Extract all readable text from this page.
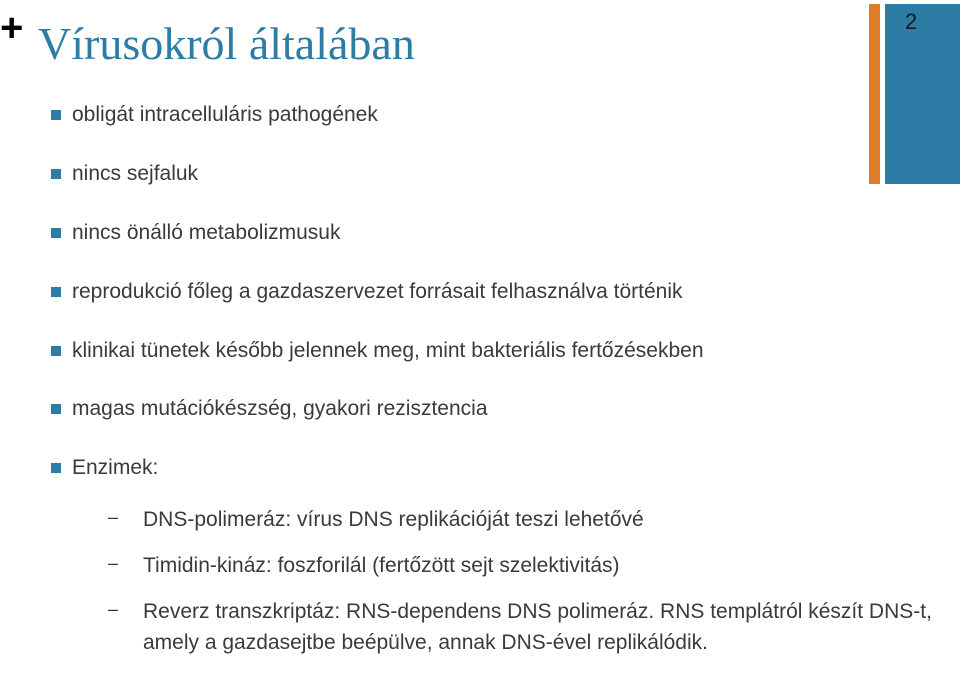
+ Vírusokról általában	2
obligát intracelluláris pathogének
nincs sejfaluk
nincs önálló metabolizmusuk
reprodukció főleg a gazdaszervezet forrásait felhasználva történik
klinikai tünetek később jelennek meg, mint bakteriális fertőzésekben
magas mutációkészség, gyakori rezisztencia
Enzimek:
– DNS-polimeráz: vírus DNS replikációját teszi lehetővé
– Timidin-kináz: foszforilál (fertőzött sejt szelektivitás)
– Reverz transzkriptáz: RNS-dependens DNS polimeráz. RNS templátról készít DNS-t, amely a gazdasejtbe beépülve, annak DNS-ével replikálódik.
